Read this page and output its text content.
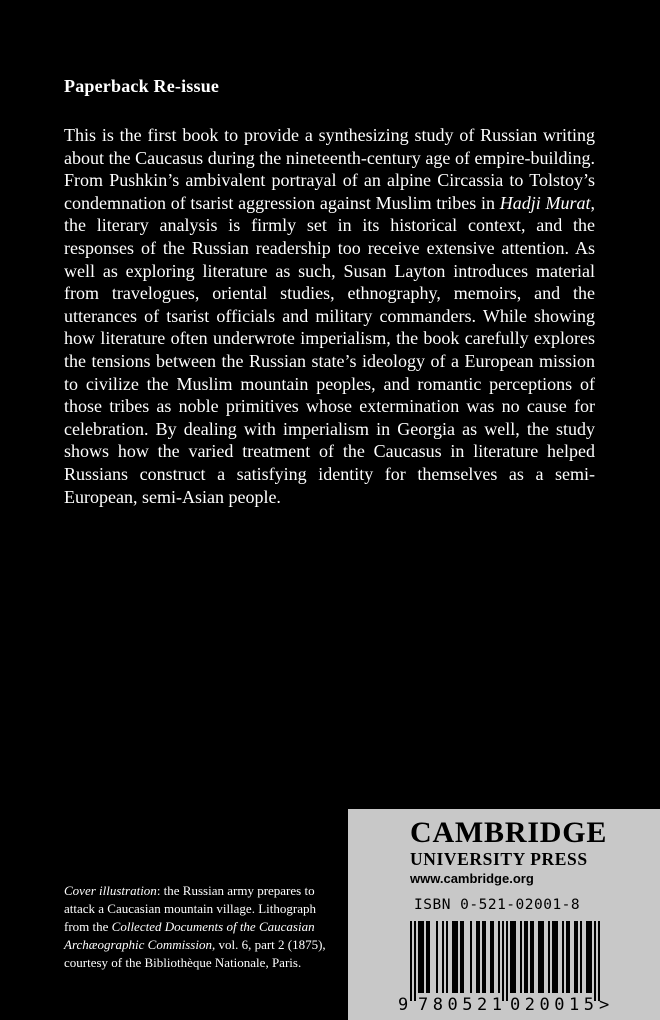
Paperback Re-issue
This is the first book to provide a synthesizing study of Russian writing about the Caucasus during the nineteenth-century age of empire-building. From Pushkin’s ambivalent portrayal of an alpine Circassia to Tolstoy’s condemnation of tsarist aggression against Muslim tribes in Hadji Murat, the literary analysis is firmly set in its historical context, and the responses of the Russian readership too receive extensive attention. As well as exploring literature as such, Susan Layton introduces material from travelogues, oriental studies, ethnography, memoirs, and the utterances of tsarist officials and military commanders. While showing how literature often underwrote imperialism, the book carefully explores the tensions between the Russian state’s ideology of a European mission to civilize the Muslim mountain peoples, and romantic perceptions of those tribes as noble primitives whose extermination was no cause for celebration. By dealing with imperialism in Georgia as well, the study shows how the varied treatment of the Caucasus in literature helped Russians construct a satisfying identity for themselves as a semi-European, semi-Asian people.
Cover illustration: the Russian army prepares to attack a Caucasian mountain village. Lithograph from the Collected Documents of the Caucasian Archæographic Commission, vol. 6, part 2 (1875), courtesy of the Bibliothèque Nationale, Paris.
CAMBRIDGE
UNIVERSITY PRESS
www.cambridge.org
ISBN 0-521-02001-8
9 780521 020015 >
